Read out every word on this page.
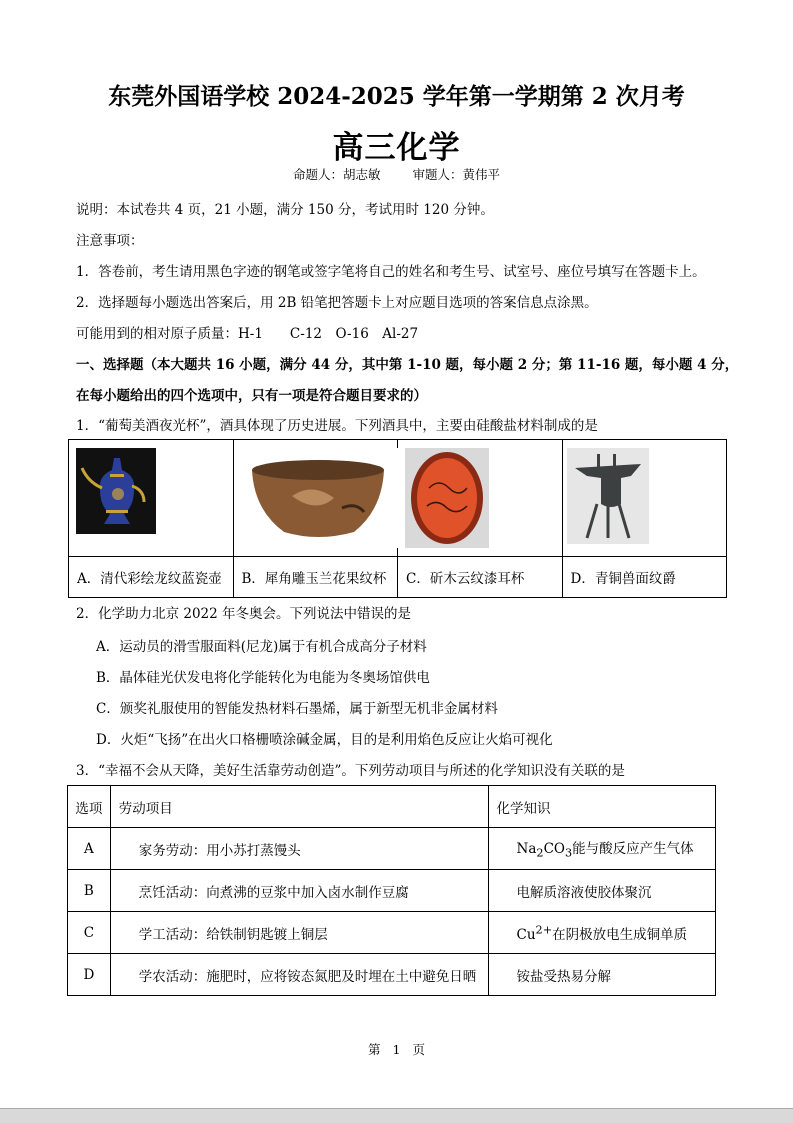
东莞外国语学校 2024-2025 学年第一学期第 2 次月考
高三化学
命题人：胡志敏	审题人：黄伟平
说明：本试卷共 4 页，21 小题，满分 150 分，考试用时 120 分钟。
注意事项：
1．答卷前，考生请用黑色字迹的钢笔或签字笔将自己的姓名和考生号、试室号、座位号填写在答题卡上。
2．选择题每小题选出答案后，用 2B 铅笔把答题卡上对应题目选项的答案信息点涂黑。
可能用到的相对原子质量：H-1　　C-12　O-16　Al-27
一、选择题（本大题共 16 小题，满分 44 分，其中第 1-10 题，每小题 2 分；第 11-16 题，每小题 4 分，
在每小题给出的四个选项中，只有一项是符合题目要求的）
1．“葡萄美酒夜光杯”，酒具体现了历史进展。下列酒具中，主要由硅酸盐材料制成的是

A．清代彩绘龙纹蓝瓷壶	B．犀角雕玉兰花果纹杯	C．斫木云纹漆耳杯	D．青铜兽面纹爵
2．化学助力北京 2022 年冬奥会。下列说法中错误的是
A．运动员的滑雪服面料(尼龙)属于有机合成高分子材料
B．晶体硅光伏发电将化学能转化为电能为冬奥场馆供电
C．颁奖礼服使用的智能发热材料石墨烯，属于新型无机非金属材料
D．火炬“飞扬”在出火口格栅喷涂碱金属，目的是利用焰色反应让火焰可视化
3．“幸福不会从天降，美好生活靠劳动创造”。下列劳动项目与所述的化学知识没有关联的是
选项	劳动项目	化学知识
A	家务劳动：用小苏打蒸馒头	$Na_2CO_3$能与酸反应产生气体
B	烹饪活动：向煮沸的豆浆中加入卤水制作豆腐	电解质溶液使胶体聚沉
C	学工活动：给铁制钥匙镀上铜层	$Cu^{2+}$在阴极放电生成铜单质
D	学农活动：施肥时，应将铵态氮肥及时埋在土中避免日晒	铵盐受热易分解
第 1 页
